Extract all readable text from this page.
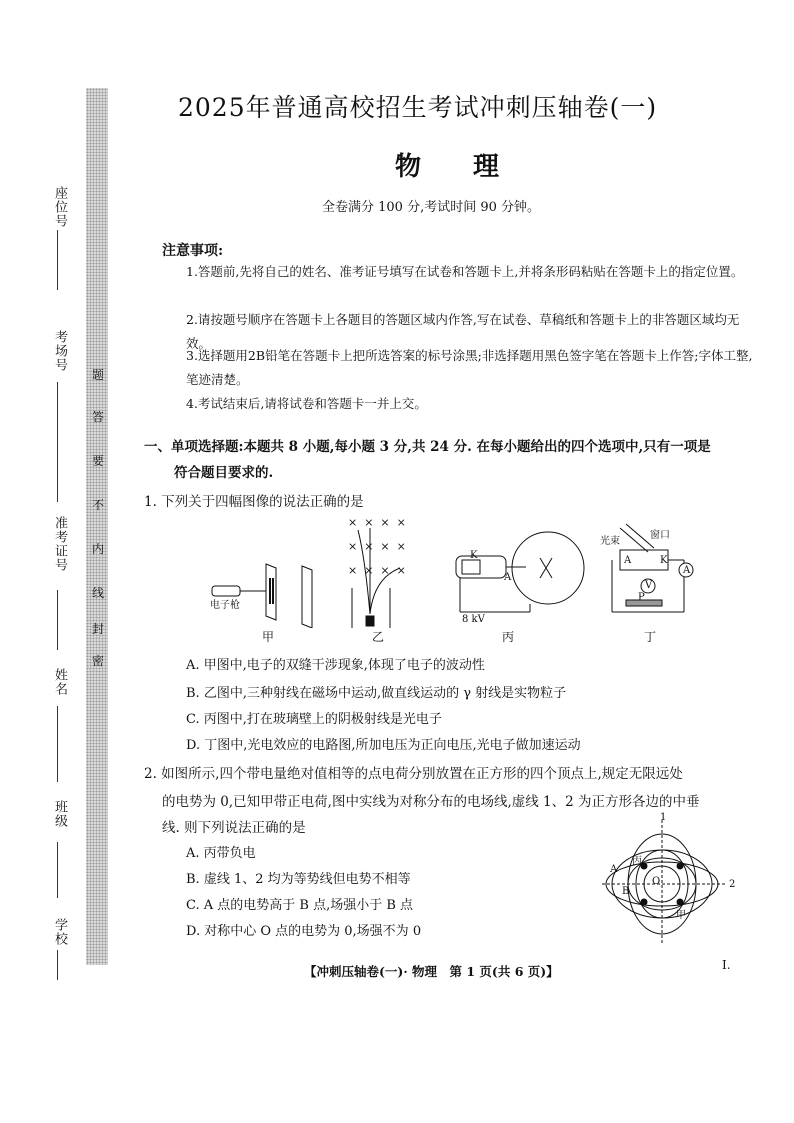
座位号
考场号
准考证号
姓名
班级
学校
密
封
线
内
不
要
答
题
2025年普通高校招生考试冲刺压轴卷(一)
物理
全卷满分 100 分,考试时间 90 分钟。
注意事项:
1.答题前,先将自己的姓名、准考证号填写在试卷和答题卡上,并将条形码粘贴在答题卡上的指定位置。
2.请按题号顺序在答题卡上各题目的答题区域内作答,写在试卷、草稿纸和答题卡上的非答题区域均无效。
3.选择题用2B铅笔在答题卡上把所选答案的标号涂黑;非选择题用黑色签字笔在答题卡上作答;字体工整,笔迹清楚。
4.考试结束后,请将试卷和答题卡一并上交。
一、单项选择题:本题共 8 小题,每小题 3 分,共 24 分. 在每小题给出的四个选项中,只有一项是
符合题目要求的.
1. 下列关于四幅图像的说法正确的是
×  ×  ×  ×
×  ×  ×  ×
×  ×  ×  ×
电子枪
甲	乙
K
A
8 kV
丙
光束
窗口
A	K
V
A
P
丁
A. 甲图中,电子的双缝干涉现象,体现了电子的波动性
B. 乙图中,三种射线在磁场中运动,做直线运动的 γ 射线是实物粒子
C. 丙图中,打在玻璃壁上的阴极射线是光电子
D. 丁图中,光电效应的电路图,所加电压为正向电压,光电子做加速运动
2. 如图所示,四个带电量绝对值相等的点电荷分别放置在正方形的四个顶点上,规定无限远处
的电势为 0,已知甲带正电荷,图中实线为对称分布的电场线,虚线 1、2 为正方形各边的中垂
线. 则下列说法正确的是
A. 丙带负电
B. 虚线 1、2 均为等势线但电势不相等
C. A 点的电势高于 B 点,场强小于 B 点
D. 对称中心 O 点的电势为 0,场强不为 0
1
2
丙
甲
A
B
O
【冲刺压轴卷(一)· 物理　第 1 页(共 6 页)】	I.
